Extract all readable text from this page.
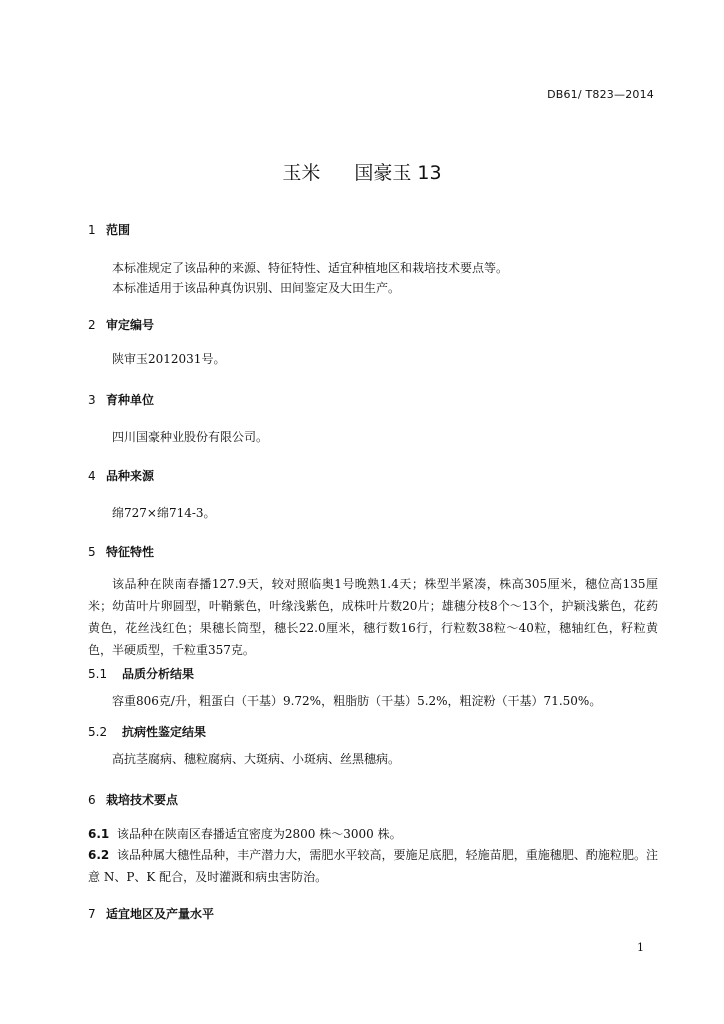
DB61/ T823—2014
玉米 国豪玉 13
1 范围
本标准规定了该品种的来源、特征特性、适宜种植地区和栽培技术要点等。
本标准适用于该品种真伪识别、田间鉴定及大田生产。
2 审定编号
陕审玉2012031号。
3 育种单位
四川国豪种业股份有限公司。
4 品种来源
绵727×绵714-3。
5 特征特性
该品种在陕南春播127.9天，较对照临奥1号晚熟1.4天；株型半紧凑，株高305厘米，穗位高135厘米；幼苗叶片卵圆型，叶鞘紫色，叶缘浅紫色，成株叶片数20片；雄穗分枝8个～13个，护颖浅紫色，花药黄色，花丝浅红色；果穗长筒型，穗长22.0厘米，穗行数16行，行粒数38粒～40粒，穗轴红色，籽粒黄色，半硬质型，千粒重357克。
5.1 品质分析结果
容重806克/升，粗蛋白（干基）9.72%，粗脂肪（干基）5.2%，粗淀粉（干基）71.50%。
5.2 抗病性鉴定结果
高抗茎腐病、穗粒腐病、大斑病、小斑病、丝黑穗病。
6 栽培技术要点
6.1 该品种在陕南区春播适宜密度为2800 株～3000 株。
6.2 该品种属大穗性品种，丰产潜力大，需肥水平较高，要施足底肥，轻施苗肥，重施穗肥、酌施粒肥。注意 N、P、K 配合，及时灌溉和病虫害防治。
7 适宜地区及产量水平
1
